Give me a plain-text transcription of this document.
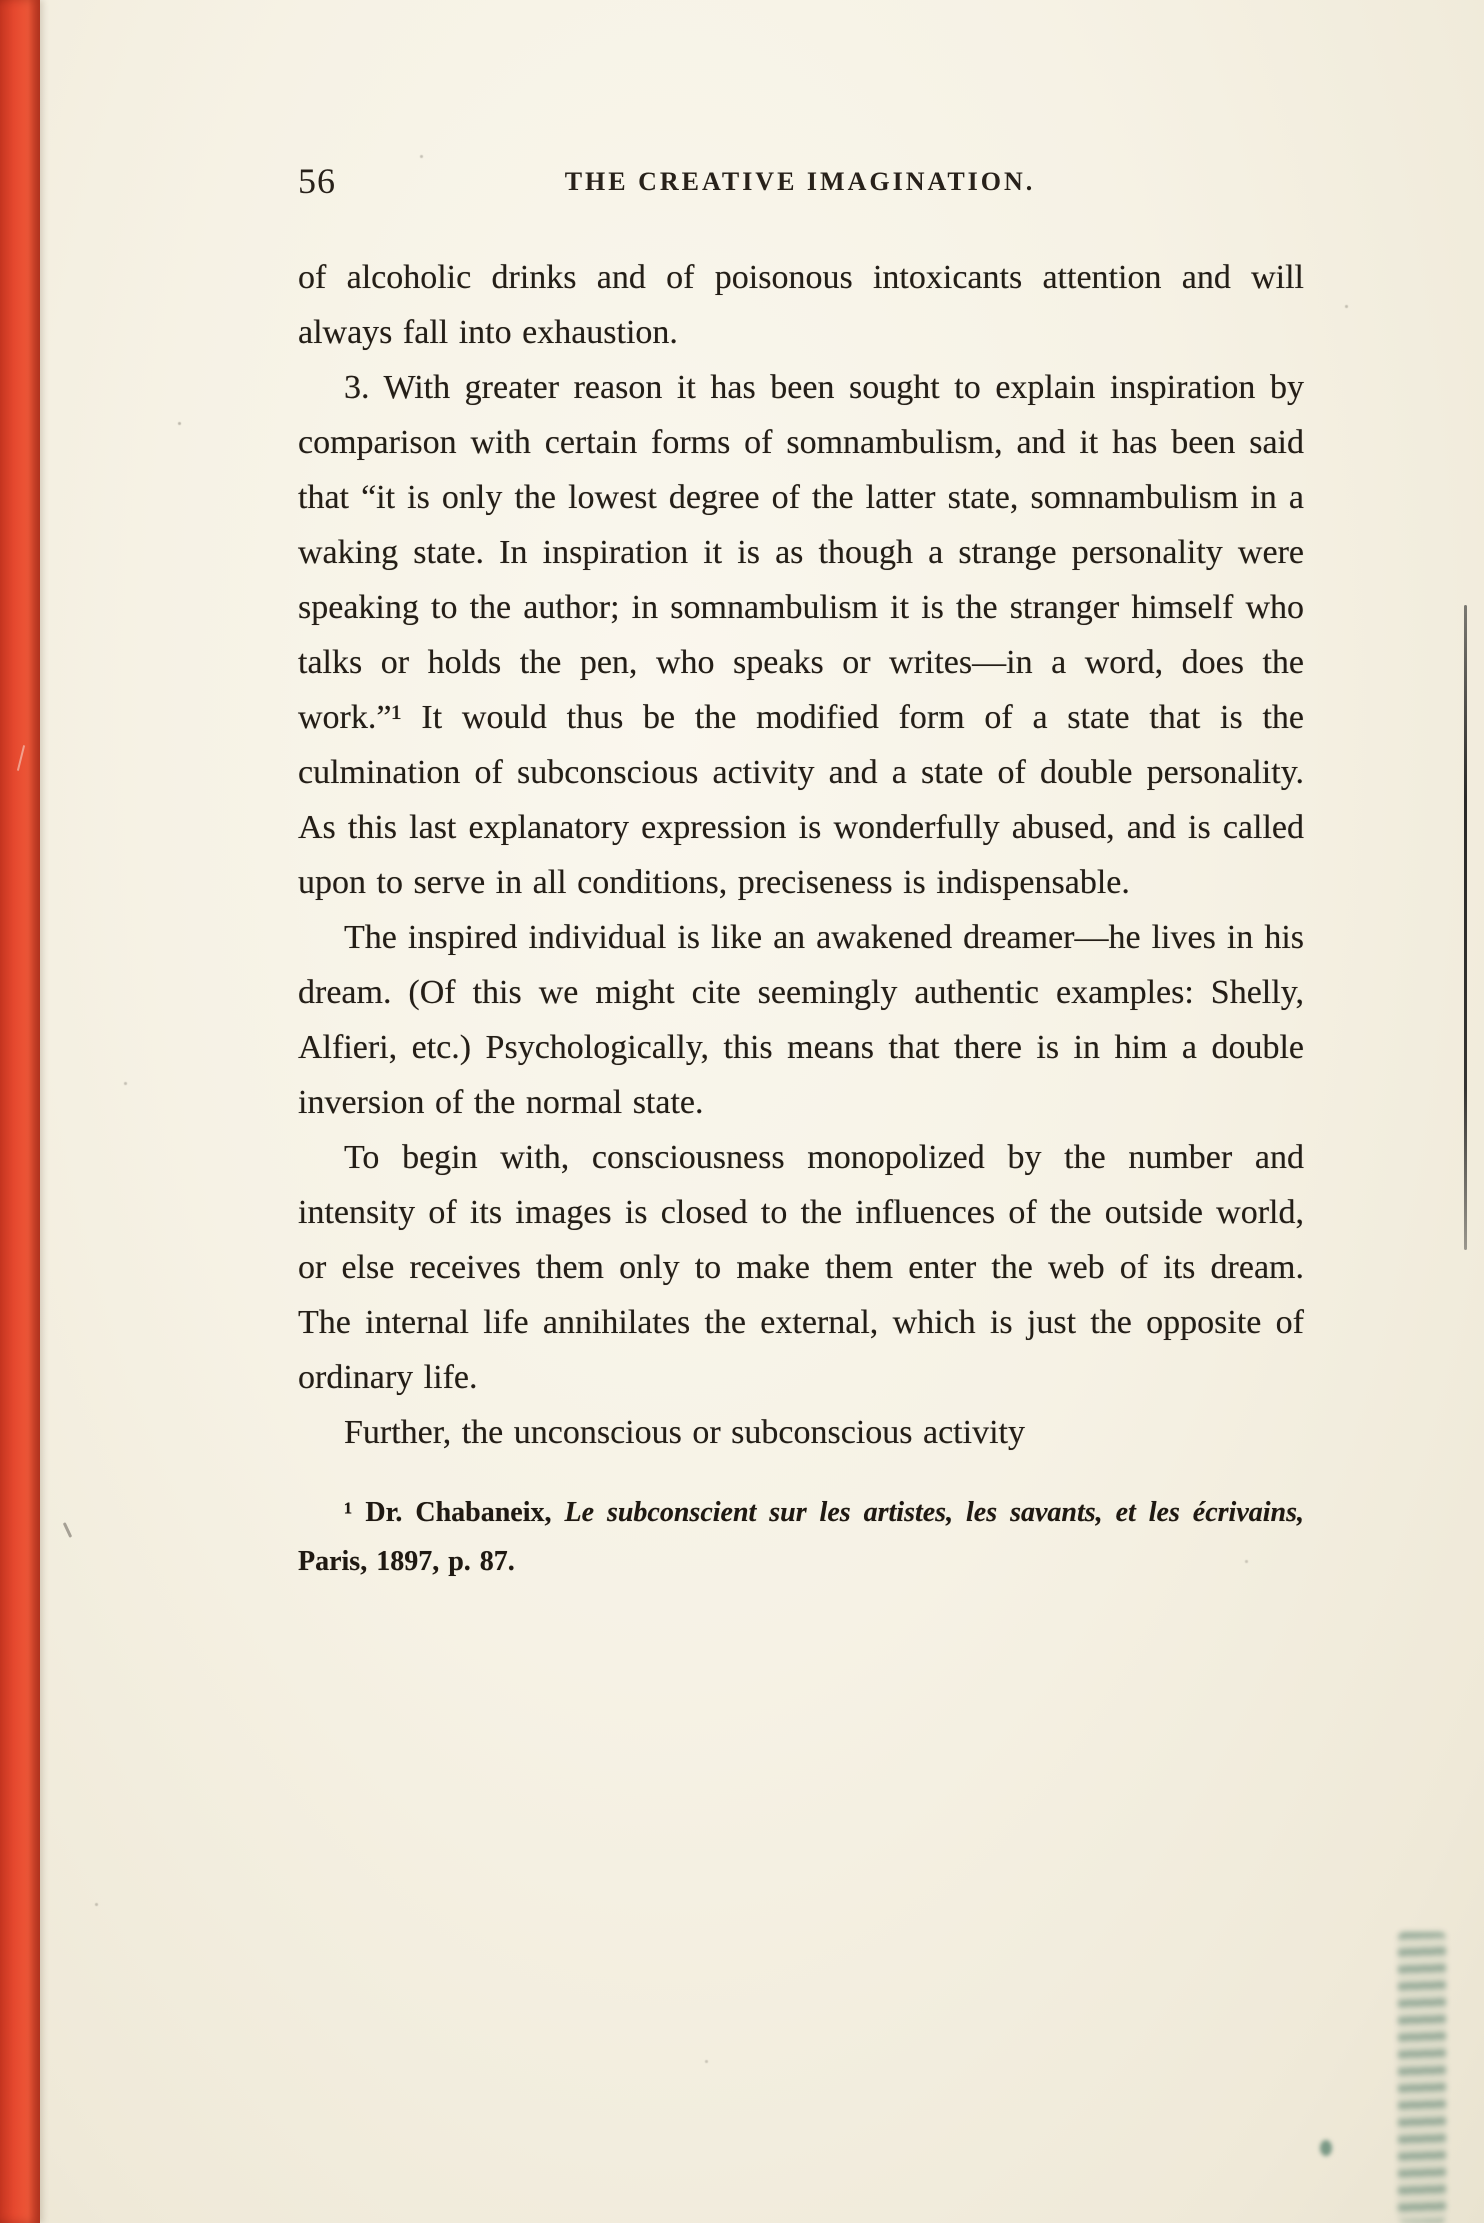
56	THE CREATIVE IMAGINATION.

of alcoholic drinks and of poisonous intoxicants attention and will always fall into exhaustion.

3. With greater reason it has been sought to explain inspiration by comparison with certain forms of somnambulism, and it has been said that “it is only the lowest degree of the latter state, somnambulism in a waking state. In inspiration it is as though a strange personality were speaking to the author; in somnambulism it is the stranger himself who talks or holds the pen, who speaks or writes—in a word, does the work.”¹ It would thus be the modified form of a state that is the culmination of subconscious activity and a state of double personality. As this last explanatory expression is wonderfully abused, and is called upon to serve in all conditions, preciseness is indispensable.

The inspired individual is like an awakened dreamer—he lives in his dream. (Of this we might cite seemingly authentic examples: Shelly, Alfieri, etc.) Psychologically, this means that there is in him a double inversion of the normal state.

To begin with, consciousness monopolized by the number and intensity of its images is closed to the influences of the outside world, or else receives them only to make them enter the web of its dream. The internal life annihilates the external, which is just the opposite of ordinary life.

Further, the unconscious or subconscious activity

¹ Dr. Chabaneix, Le subconscient sur les artistes, les savants, et les écrivains, Paris, 1897, p. 87.
